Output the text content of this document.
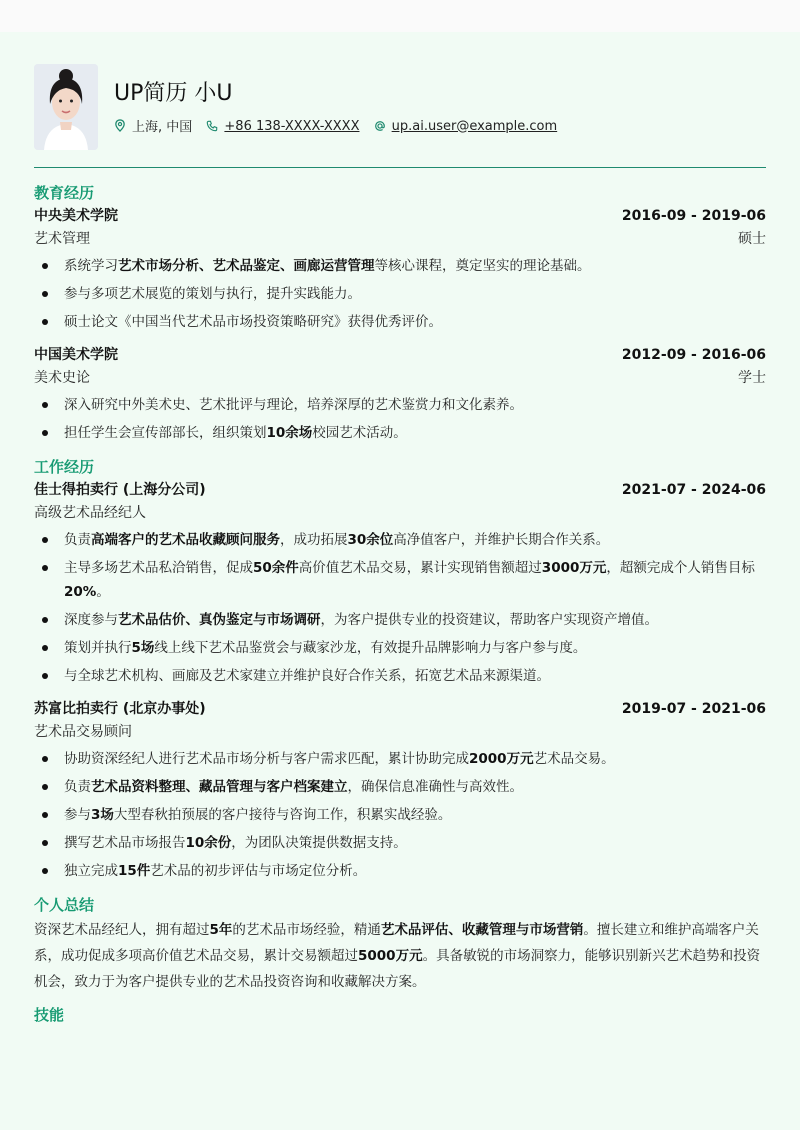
UP简历 小U
上海, 中国
+86 138-XXXX-XXXX
up.ai.user@example.com
教育经历
中央美术学院	2016-09 - 2019-06
艺术管理	硕士
系统学习艺术市场分析、艺术品鉴定、画廊运营管理等核心课程，奠定坚实的理论基础。
参与多项艺术展览的策划与执行，提升实践能力。
硕士论文《中国当代艺术品市场投资策略研究》获得优秀评价。
中国美术学院	2012-09 - 2016-06
美术史论	学士
深入研究中外美术史、艺术批评与理论，培养深厚的艺术鉴赏力和文化素养。
担任学生会宣传部部长，组织策划10余场校园艺术活动。
工作经历
佳士得拍卖行 (上海分公司)	2021-07 - 2024-06
高级艺术品经纪人
负责高端客户的艺术品收藏顾问服务，成功拓展30余位高净值客户，并维护长期合作关系。
主导多场艺术品私洽销售，促成50余件高价值艺术品交易，累计实现销售额超过3000万元，超额完成个人销售目标20%。
深度参与艺术品估价、真伪鉴定与市场调研，为客户提供专业的投资建议，帮助客户实现资产增值。
策划并执行5场线上线下艺术品鉴赏会与藏家沙龙，有效提升品牌影响力与客户参与度。
与全球艺术机构、画廊及艺术家建立并维护良好合作关系，拓宽艺术品来源渠道。
苏富比拍卖行 (北京办事处)	2019-07 - 2021-06
艺术品交易顾问
协助资深经纪人进行艺术品市场分析与客户需求匹配，累计协助完成2000万元艺术品交易。
负责艺术品资料整理、藏品管理与客户档案建立，确保信息准确性与高效性。
参与3场大型春秋拍预展的客户接待与咨询工作，积累实战经验。
撰写艺术品市场报告10余份，为团队决策提供数据支持。
独立完成15件艺术品的初步评估与市场定位分析。
个人总结
资深艺术品经纪人，拥有超过5年的艺术品市场经验，精通艺术品评估、收藏管理与市场营销。擅长建立和维护高端客户关系，成功促成多项高价值艺术品交易，累计交易额超过5000万元。具备敏锐的市场洞察力，能够识别新兴艺术趋势和投资机会，致力于为客户提供专业的艺术品投资咨询和收藏解决方案。
技能
